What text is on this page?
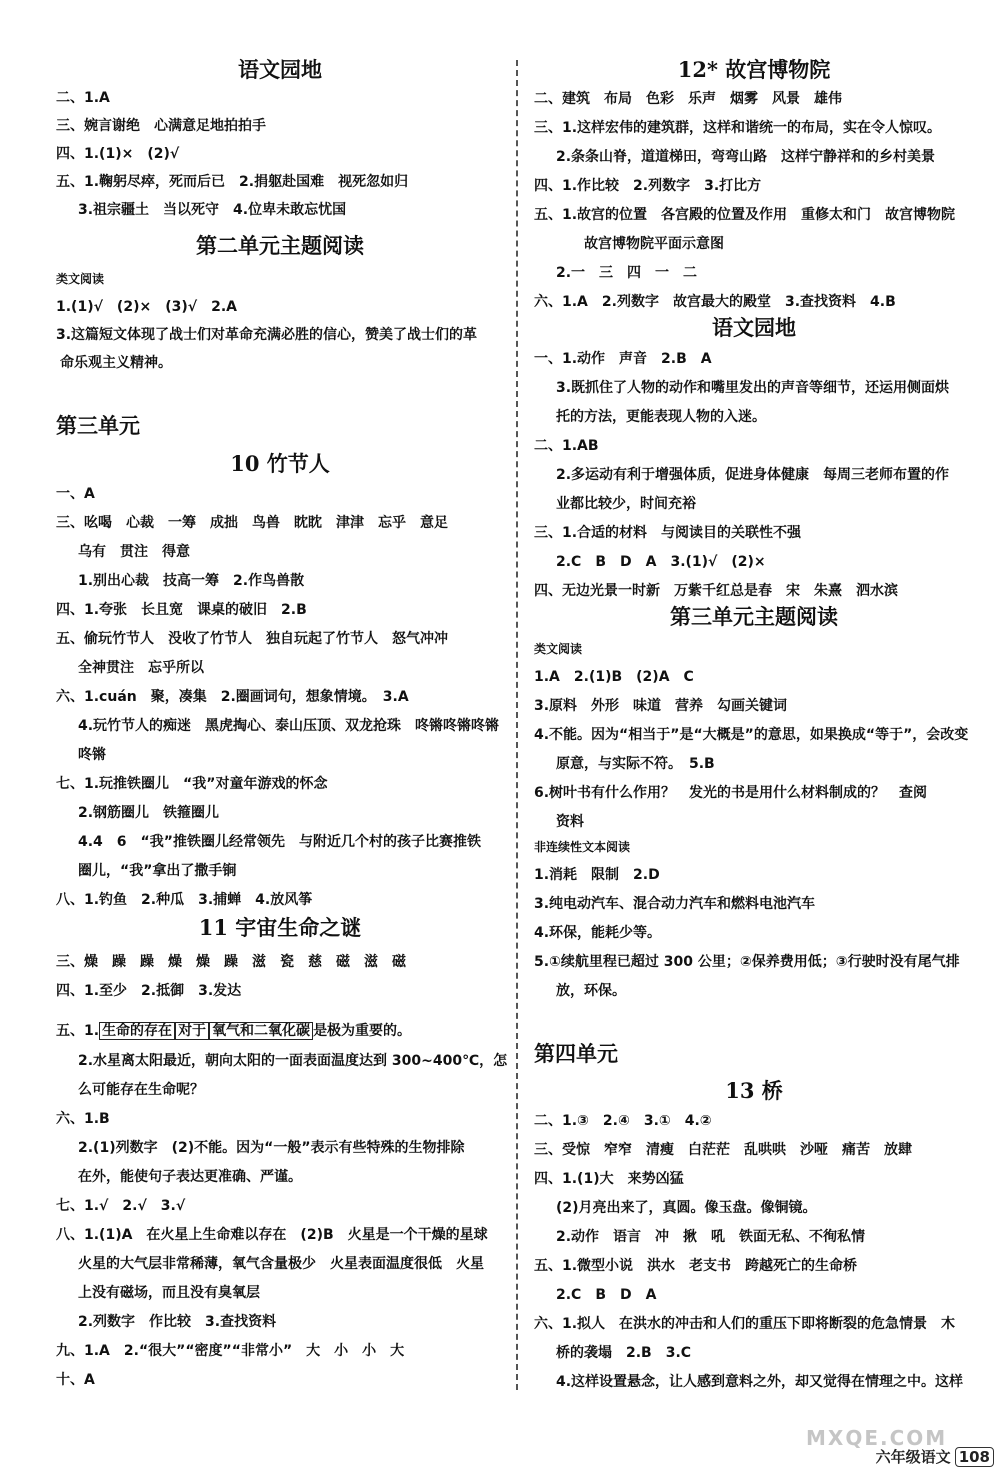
语文园地
二、1.A
三、婉言谢绝　心满意足地拍拍手
四、1.(1)×　(2)√
五、1.鞠躬尽瘁，死而后已　2.捐躯赴国难　视死忽如归
3.祖宗疆土　当以死守　4.位卑未敢忘忧国
第二单元主题阅读
类文阅读
1.(1)√　(2)×　(3)√　2.A
3.这篇短文体现了战士们对革命充满必胜的信心，赞美了战士们的革
命乐观主义精神。
第三单元
10 竹节人
一、A
三、吆喝　心裁　一筹　成拙　鸟兽　眈眈　津津　忘乎　意足
乌有　贯注　得意
1.别出心裁　技高一筹　2.作鸟兽散
四、1.夸张　长且宽　课桌的破旧　2.B
五、偷玩竹节人　没收了竹节人　独自玩起了竹节人　怒气冲冲
全神贯注　忘乎所以
六、1.cuán　聚，凑集　2.圈画词句，想象情境。　3.A
4.玩竹节人的痴迷　黑虎掏心、泰山压顶、双龙抢珠　咚锵咚锵咚锵
咚锵
七、1.玩推铁圈儿　“我”对童年游戏的怀念
2.钢筋圈儿　铁箍圈儿
4.4　6　“我”推铁圈儿经常领先　与附近几个村的孩子比赛推铁
圈儿，“我”拿出了撒手锏
八、1.钓鱼　2.种瓜　3.捕蝉　4.放风筝
11 宇宙生命之谜
三、燥　躁　躁　燥　燥　躁　滋　瓷　慈　磁　滋　磁
四、1.至少　2.抵御　3.发达
五、1. 生命的存在 对于 氧气和二氧化碳 是极为重要的。
2.水星离太阳最近，朝向太阳的一面表面温度达到 300~400℃，怎
么可能存在生命呢？
六、1.B
2.(1)列数字　(2)不能。因为“一般”表示有些特殊的生物排除
在外，能使句子表达更准确、严谨。
七、1.√　2.√　3.√
八、1.(1)A　在火星上生命难以存在　(2)B　火星是一个干燥的星球
火星的大气层非常稀薄，氧气含量极少　火星表面温度很低　火星
上没有磁场，而且没有臭氧层
2.列数字　作比较　3.查找资料
九、1.A　2.“很大”“密度”“非常小”　大　小　小　大
十、A
12* 故宫博物院
二、建筑　布局　色彩　乐声　烟雾　风景　雄伟
三、1.这样宏伟的建筑群，这样和谐统一的布局，实在令人惊叹。
2.条条山脊，道道梯田，弯弯山路　这样宁静祥和的乡村美景
四、1.作比较　2.列数字　3.打比方
五、1.故宫的位置　各宫殿的位置及作用　重修太和门　故宫博物院
故宫博物院平面示意图
2.一　三　四　一　二
六、1.A　2.列数字　故宫最大的殿堂　3.查找资料　4.B
语文园地
一、1.动作　声音　2.B　A
3.既抓住了人物的动作和嘴里发出的声音等细节，还运用侧面烘
托的方法，更能表现人物的入迷。
二、1.AB
2.多运动有利于增强体质，促进身体健康　每周三老师布置的作
业都比较少，时间充裕
三、1.合适的材料　与阅读目的关联性不强
2.C　B　D　A　3.(1)√　(2)×
四、无边光景一时新　万紫千红总是春　宋　朱熹　泗水滨
第三单元主题阅读
类文阅读
1.A　2.(1)B　(2)A　C
3.原料　外形　味道　营养　勾画关键词
4.不能。因为“相当于”是“大概是”的意思，如果换成“等于”，会改变
原意，与实际不符。　5.B
6.树叶书有什么作用？　发光的书是用什么材料制成的？　查阅
资料
非连续性文本阅读
1.消耗　限制　2.D
3.纯电动汽车、混合动力汽车和燃料电池汽车
4.环保，能耗少等。
5.①续航里程已超过 300 公里；②保养费用低；③行驶时没有尾气排
放，环保。
第四单元
13 桥
二、1.③　2.④　3.①　4.②
三、受惊　窄窄　清瘦　白茫茫　乱哄哄　沙哑　痛苦　放肆
四、1.(1)大　来势凶猛
(2)月亮出来了，真圆。像玉盘。像铜镜。
2.动作　语言　冲　揪　吼　铁面无私、不徇私情
五、1.微型小说　洪水　老支书　跨越死亡的生命桥
2.C　B　D　A
六、1.拟人　在洪水的冲击和人们的重压下即将断裂的危急情景　木
桥的袭塌　2.B　3.C
4.这样设置悬念，让人感到意料之外，却又觉得在情理之中。这样
MXQE.COM
六年级语文 108
